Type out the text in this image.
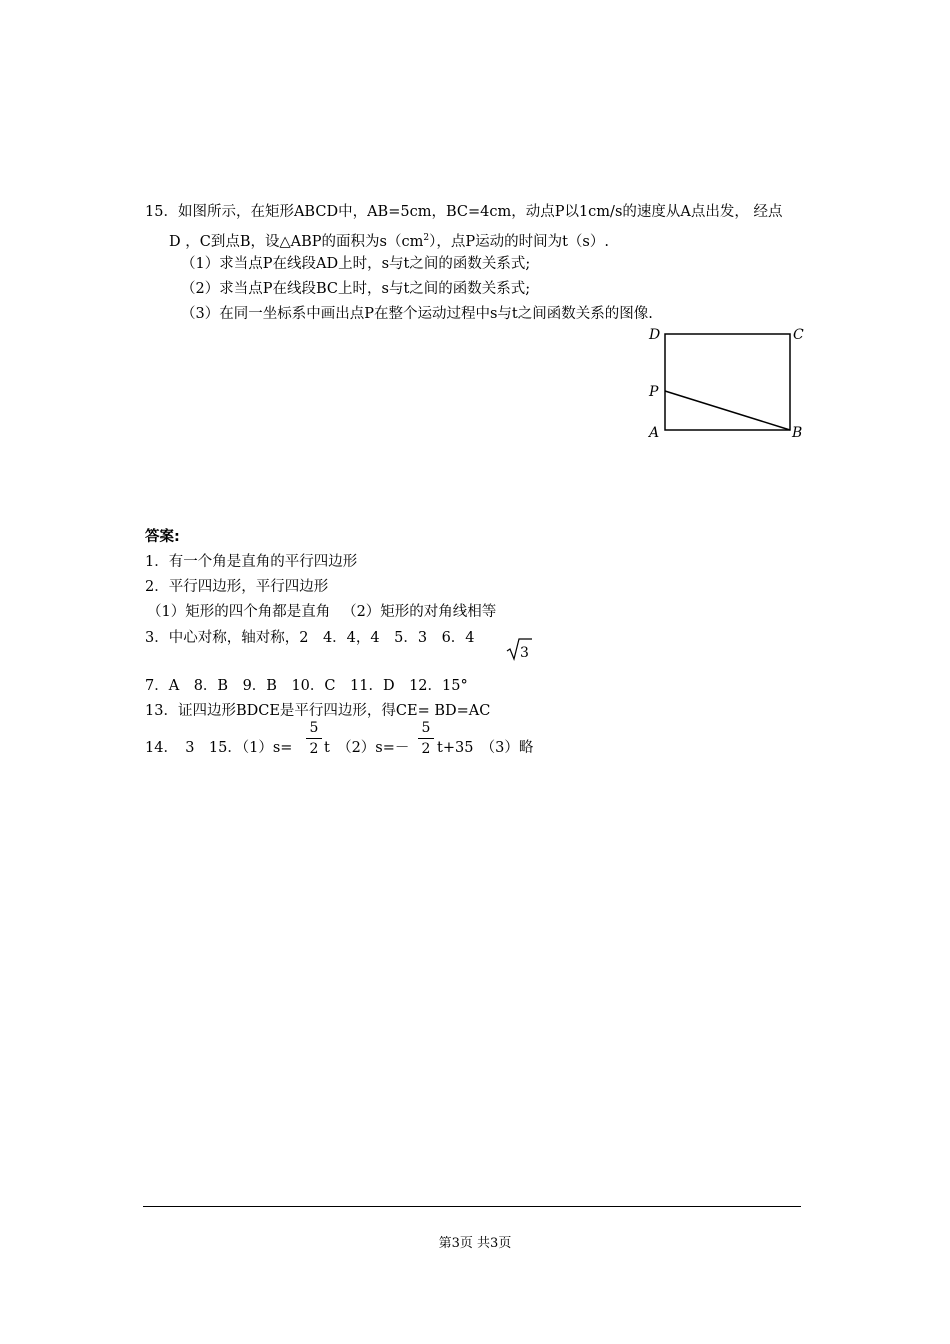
15．如图所示，在矩形ABCD中，AB=5cm，BC=4cm，动点P以1cm/s的速度从A点出发， 经点
D ，C到点B，设△ABP的面积为$s(cm^2)$，点P运动的时间为t（s）.
（1）求当点P在线段AD上时，s与t之间的函数关系式;
（2）求当点P在线段BC上时，s与t之间的函数关系式;
（3）在同一坐标系中画出点P在整个运动过程中s与t之间函数关系的图像.
D	C
P
A	B
答案:
1．有一个角是直角的平行四边形
2．平行四边形，平行四边形
（1）矩形的四个角都是直角 　（2）矩形的对角线相等
3．中心对称，轴对称，2　4．4，4　5．3　6．4
3
7．A　8．B　9．B　10．C　11．D　12．15°
13．证四边形BDCE是平行四边形，得CE= BD=AC
14．　3　15．（1）s=
5
2 t　（2）s=－
5
2 t+35　（3）略
第3页 共3页
